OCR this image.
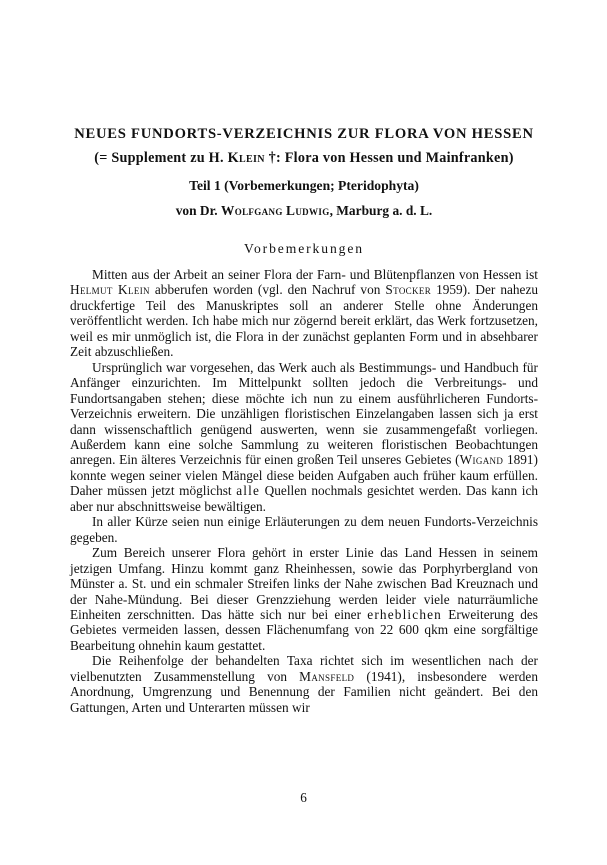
NEUES FUNDORTS-VERZEICHNIS ZUR FLORA VON HESSEN
(= Supplement zu H. Klein †: Flora von Hessen und Mainfranken)
Teil 1 (Vorbemerkungen; Pteridophyta)
von Dr. Wolfgang Ludwig, Marburg a. d. L.
Vorbemerkungen

Mitten aus der Arbeit an seiner Flora der Farn- und Blütenpflanzen von Hessen ist Helmut Klein abberufen worden (vgl. den Nachruf von Stocker 1959). Der nahezu druckfertige Teil des Manuskriptes soll an anderer Stelle ohne Änderungen veröffentlicht werden. Ich habe mich nur zögernd bereit erklärt, das Werk fortzusetzen, weil es mir unmöglich ist, die Flora in der zunächst geplanten Form und in absehbarer Zeit abzuschließen.

Ursprünglich war vorgesehen, das Werk auch als Bestimmungs- und Handbuch für Anfänger einzurichten. Im Mittelpunkt sollten jedoch die Verbreitungs- und Fundortsangaben stehen; diese möchte ich nun zu einem ausführlicheren Fundorts-Verzeichnis erweitern. Die unzähligen floristischen Einzelangaben lassen sich ja erst dann wissenschaftlich genügend auswerten, wenn sie zusammengefaßt vorliegen. Außerdem kann eine solche Sammlung zu weiteren floristischen Beobachtungen anregen. Ein älteres Verzeichnis für einen großen Teil unseres Gebietes (Wigand 1891) konnte wegen seiner vielen Mängel diese beiden Aufgaben auch früher kaum erfüllen. Daher müssen jetzt möglichst alle Quellen nochmals gesichtet werden. Das kann ich aber nur abschnittsweise bewältigen.

In aller Kürze seien nun einige Erläuterungen zu dem neuen Fundorts-Verzeichnis gegeben.

Zum Bereich unserer Flora gehört in erster Linie das Land Hessen in seinem jetzigen Umfang. Hinzu kommt ganz Rheinhessen, sowie das Porphyrbergland von Münster a. St. und ein schmaler Streifen links der Nahe zwischen Bad Kreuznach und der Nahe-Mündung. Bei dieser Grenzziehung werden leider viele naturräumliche Einheiten zerschnitten. Das hätte sich nur bei einer erheblichen Erweiterung des Gebietes vermeiden lassen, dessen Flächenumfang von 22 600 qkm eine sorgfältige Bearbeitung ohnehin kaum gestattet.

Die Reihenfolge der behandelten Taxa richtet sich im wesentlichen nach der vielbenutzten Zusammenstellung von Mansfeld (1941), insbesondere werden Anordnung, Umgrenzung und Benennung der Familien nicht geändert. Bei den Gattungen, Arten und Unterarten müssen wir

6
